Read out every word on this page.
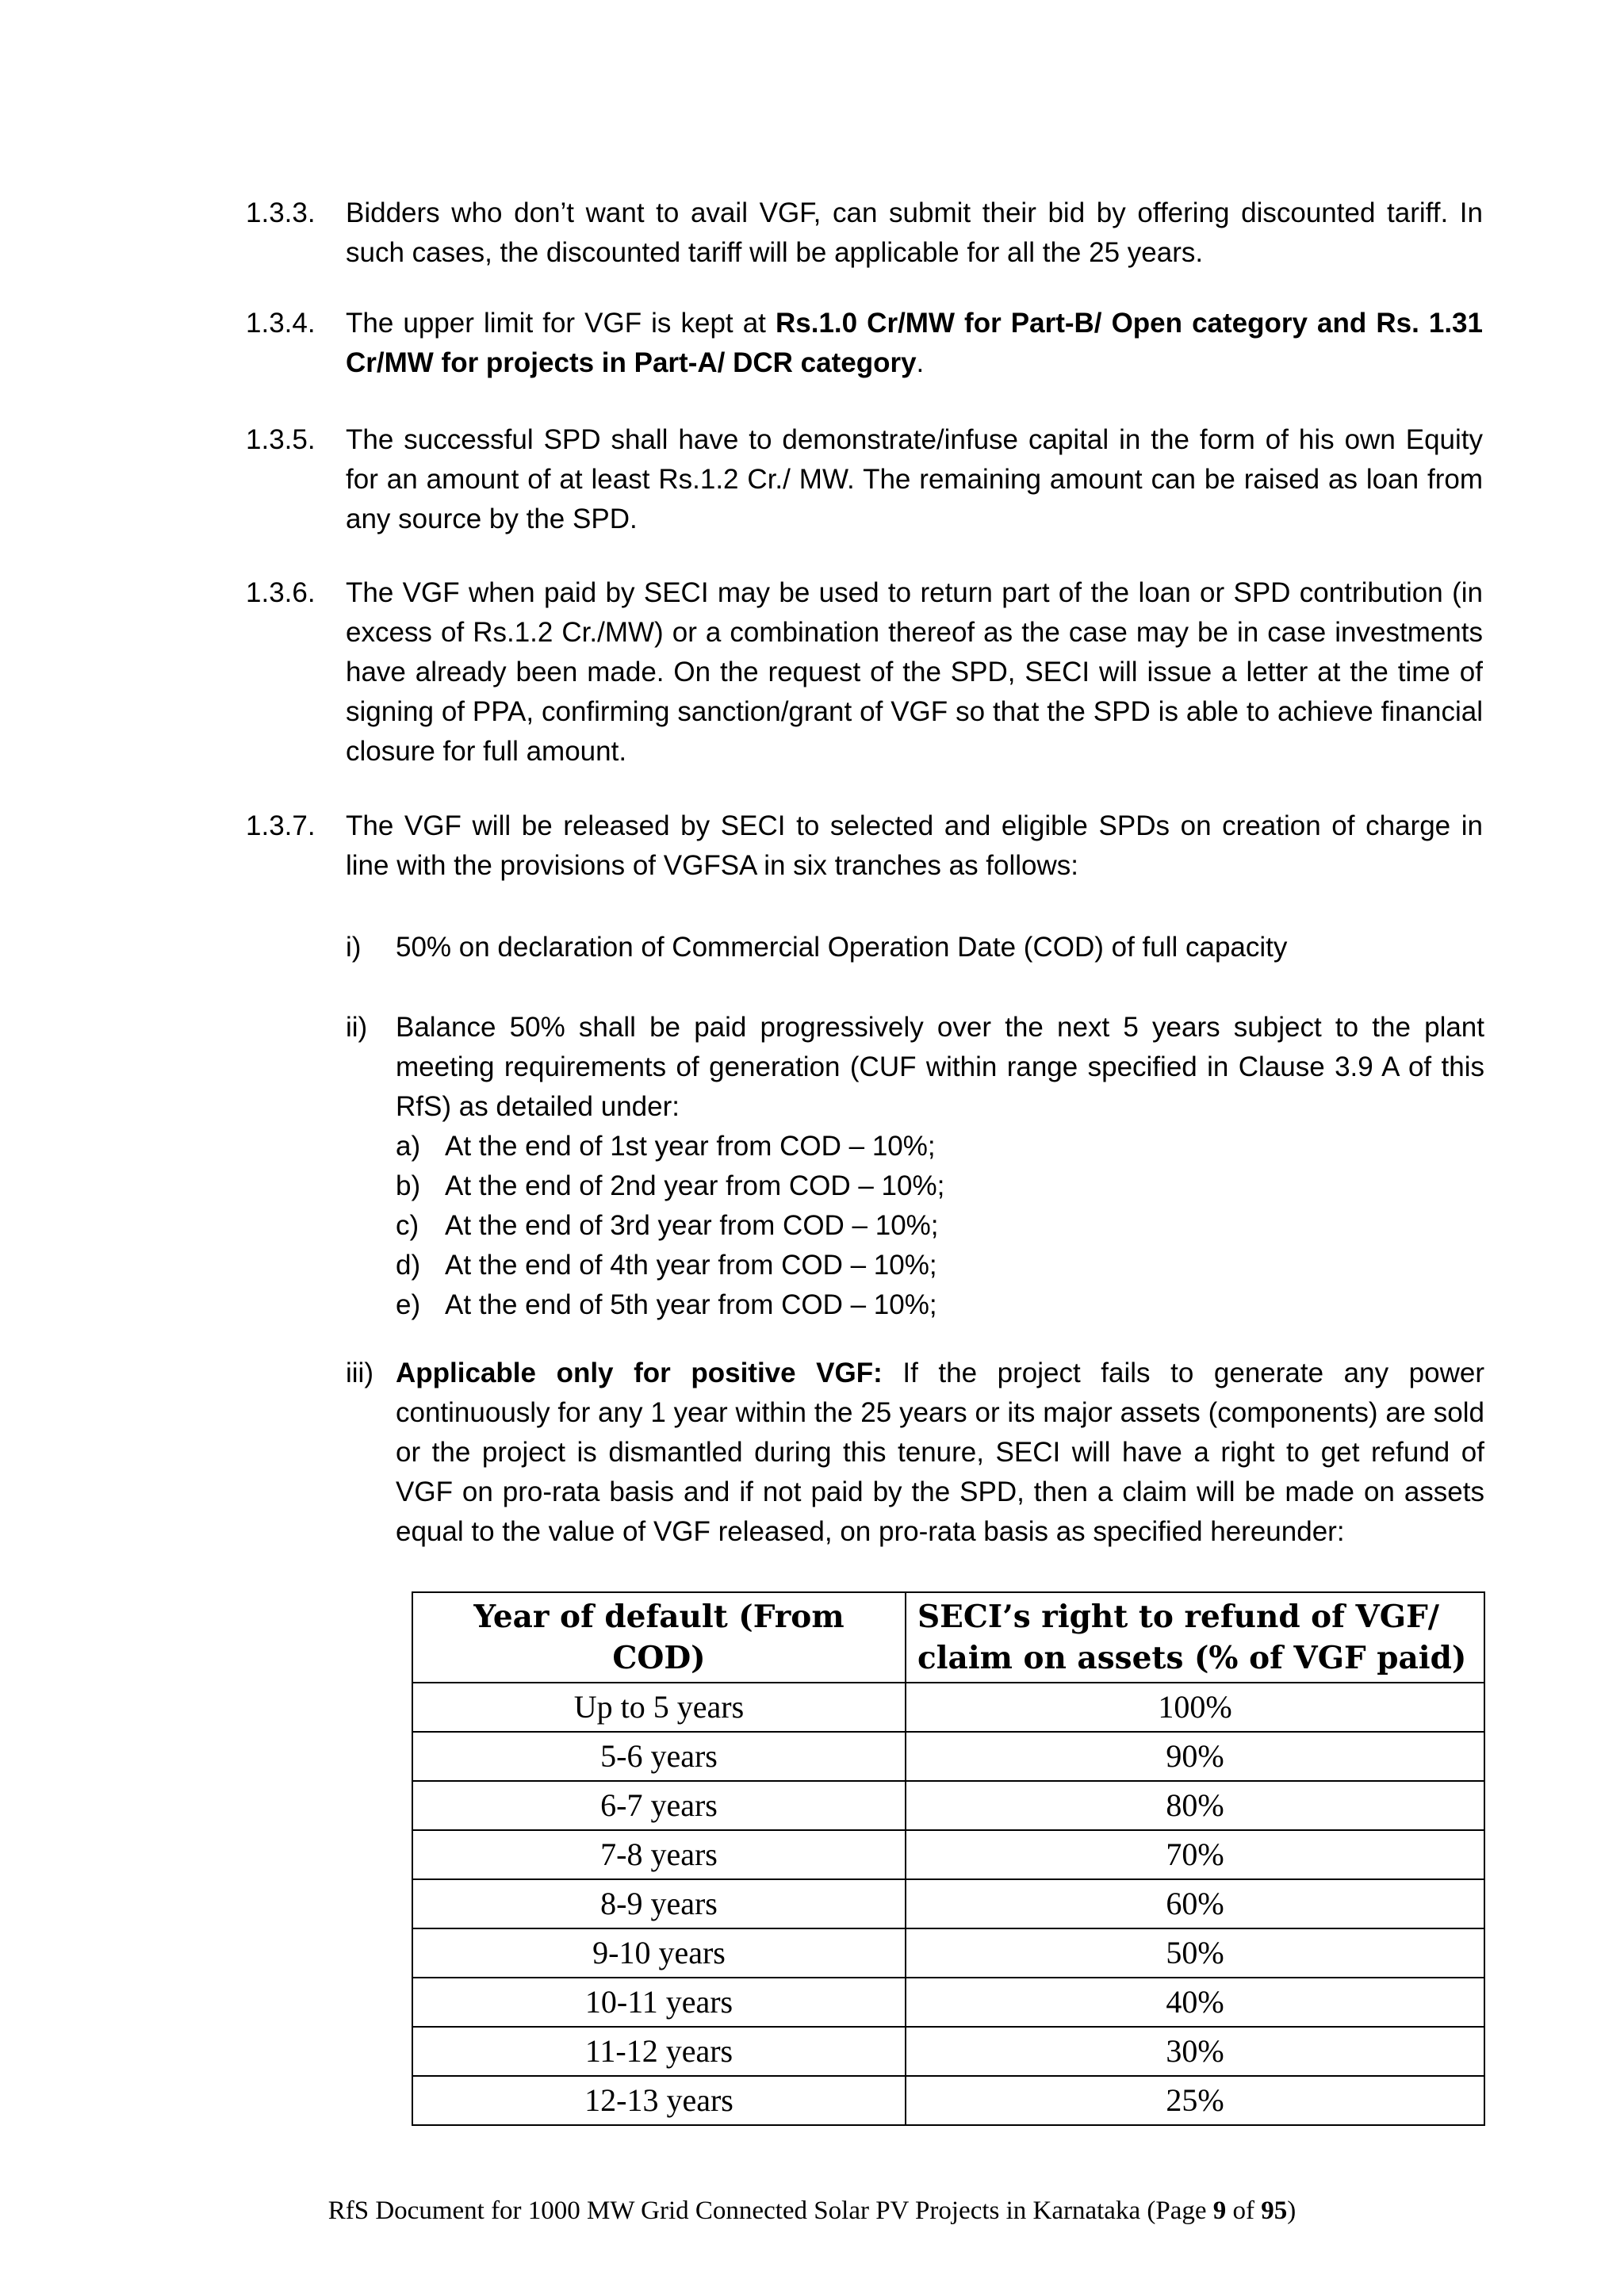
1.3.3. Bidders who don’t want to avail VGF, can submit their bid by offering discounted tariff. In such cases, the discounted tariff will be applicable for all the 25 years.
1.3.4. The upper limit for VGF is kept at Rs.1.0 Cr/MW for Part-B/ Open category and Rs. 1.31 Cr/MW for projects in Part-A/ DCR category.
1.3.5. The successful SPD shall have to demonstrate/infuse capital in the form of his own Equity for an amount of at least Rs.1.2 Cr./ MW. The remaining amount can be raised as loan from any source by the SPD.
1.3.6. The VGF when paid by SECI may be used to return part of the loan or SPD contribution (in excess of Rs.1.2 Cr./MW) or a combination thereof as the case may be in case investments have already been made. On the request of the SPD, SECI will issue a letter at the time of signing of PPA, confirming sanction/grant of VGF so that the SPD is able to achieve financial closure for full amount.
1.3.7. The VGF will be released by SECI to selected and eligible SPDs on creation of charge in line with the provisions of VGFSA in six tranches as follows:
i) 50% on declaration of Commercial Operation Date (COD) of full capacity
ii) Balance 50% shall be paid progressively over the next 5 years subject to the plant meeting requirements of generation (CUF within range specified in Clause 3.9 A of this RfS) as detailed under:
a) At the end of 1st year from COD – 10%;
b) At the end of 2nd year from COD – 10%;
c) At the end of 3rd year from COD – 10%;
d) At the end of 4th year from COD – 10%;
e) At the end of 5th year from COD – 10%;
iii) Applicable only for positive VGF: If the project fails to generate any power continuously for any 1 year within the 25 years or its major assets (components) are sold or the project is dismantled during this tenure, SECI will have a right to get refund of VGF on pro-rata basis and if not paid by the SPD, then a claim will be made on assets equal to the value of VGF released, on pro-rata basis as specified hereunder:
Year of default (From COD)	SECI’s right to refund of VGF/ claim on assets (% of VGF paid)
Up to 5 years	100%
5-6 years	90%
6-7 years	80%
7-8 years	70%
8-9 years	60%
9-10 years	50%
10-11 years	40%
11-12 years	30%
12-13 years	25%
RfS Document for 1000 MW Grid Connected Solar PV Projects in Karnataka (Page 9 of 95)
